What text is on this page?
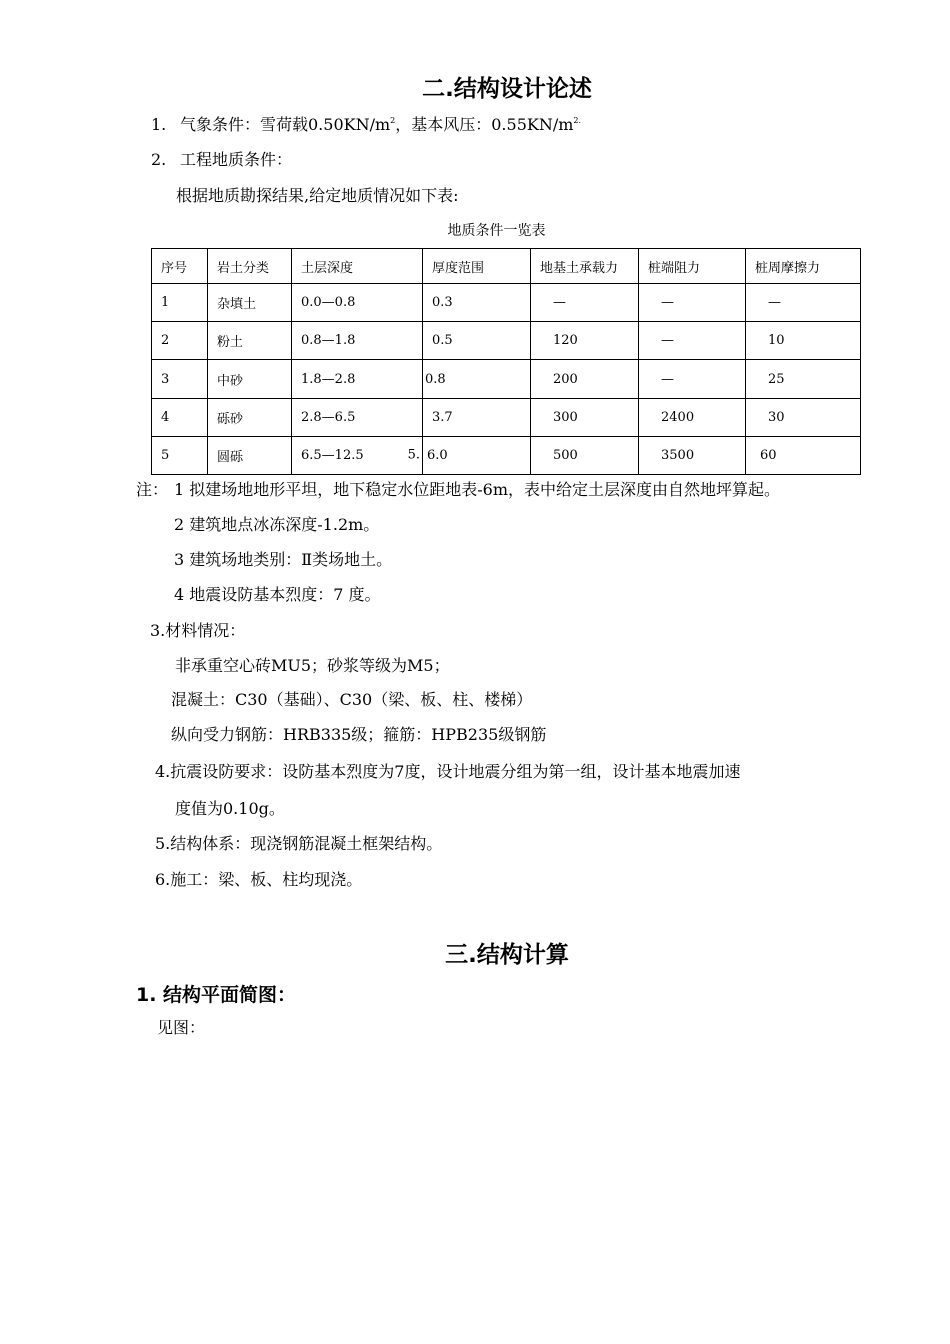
二.结构设计论述
1. 气象条件：雪荷载$0.50KN/m^2$，基本风压：$0.55KN/m^{2.}$
2. 工程地质条件：
根据地质勘探结果,给定地质情况如下表:
地质条件一览表
序号	岩土分类	土层深度	厚度范围	地基土承载力	桩端阻力	桩周摩擦力
1	杂填土	0.0—0.8	0.3	—	—	—
2	粉土	0.8—1.8	0.5	120	—	10
3	中砂	1.8—2.8	0.8	200	—	25
4	砾砂	2.8—6.5	3.7	300	2400	30
5	圆砾	6.5—12.5 5.	6.0	500	3500	60
注： 1 拟建场地地形平坦，地下稳定水位距地表-6m，表中给定土层深度由自然地坪算起。
2 建筑地点冰冻深度-1.2m。
3 建筑场地类别：Ⅱ类场地土。
4 地震设防基本烈度：7 度。
3.材料情况：
非承重空心砖MU5；砂浆等级为M5；
混凝土：C30（基础）、C30（梁、板、柱、楼梯）
纵向受力钢筋：HRB335级；箍筋：HPB235级钢筋
4.抗震设防要求：设防基本烈度为7度，设计地震分组为第一组，设计基本地震加速
度值为0.10g。
5.结构体系：现浇钢筋混凝土框架结构。
6.施工：梁、板、柱均现浇。
三.结构计算
1. 结构平面简图：
见图：
